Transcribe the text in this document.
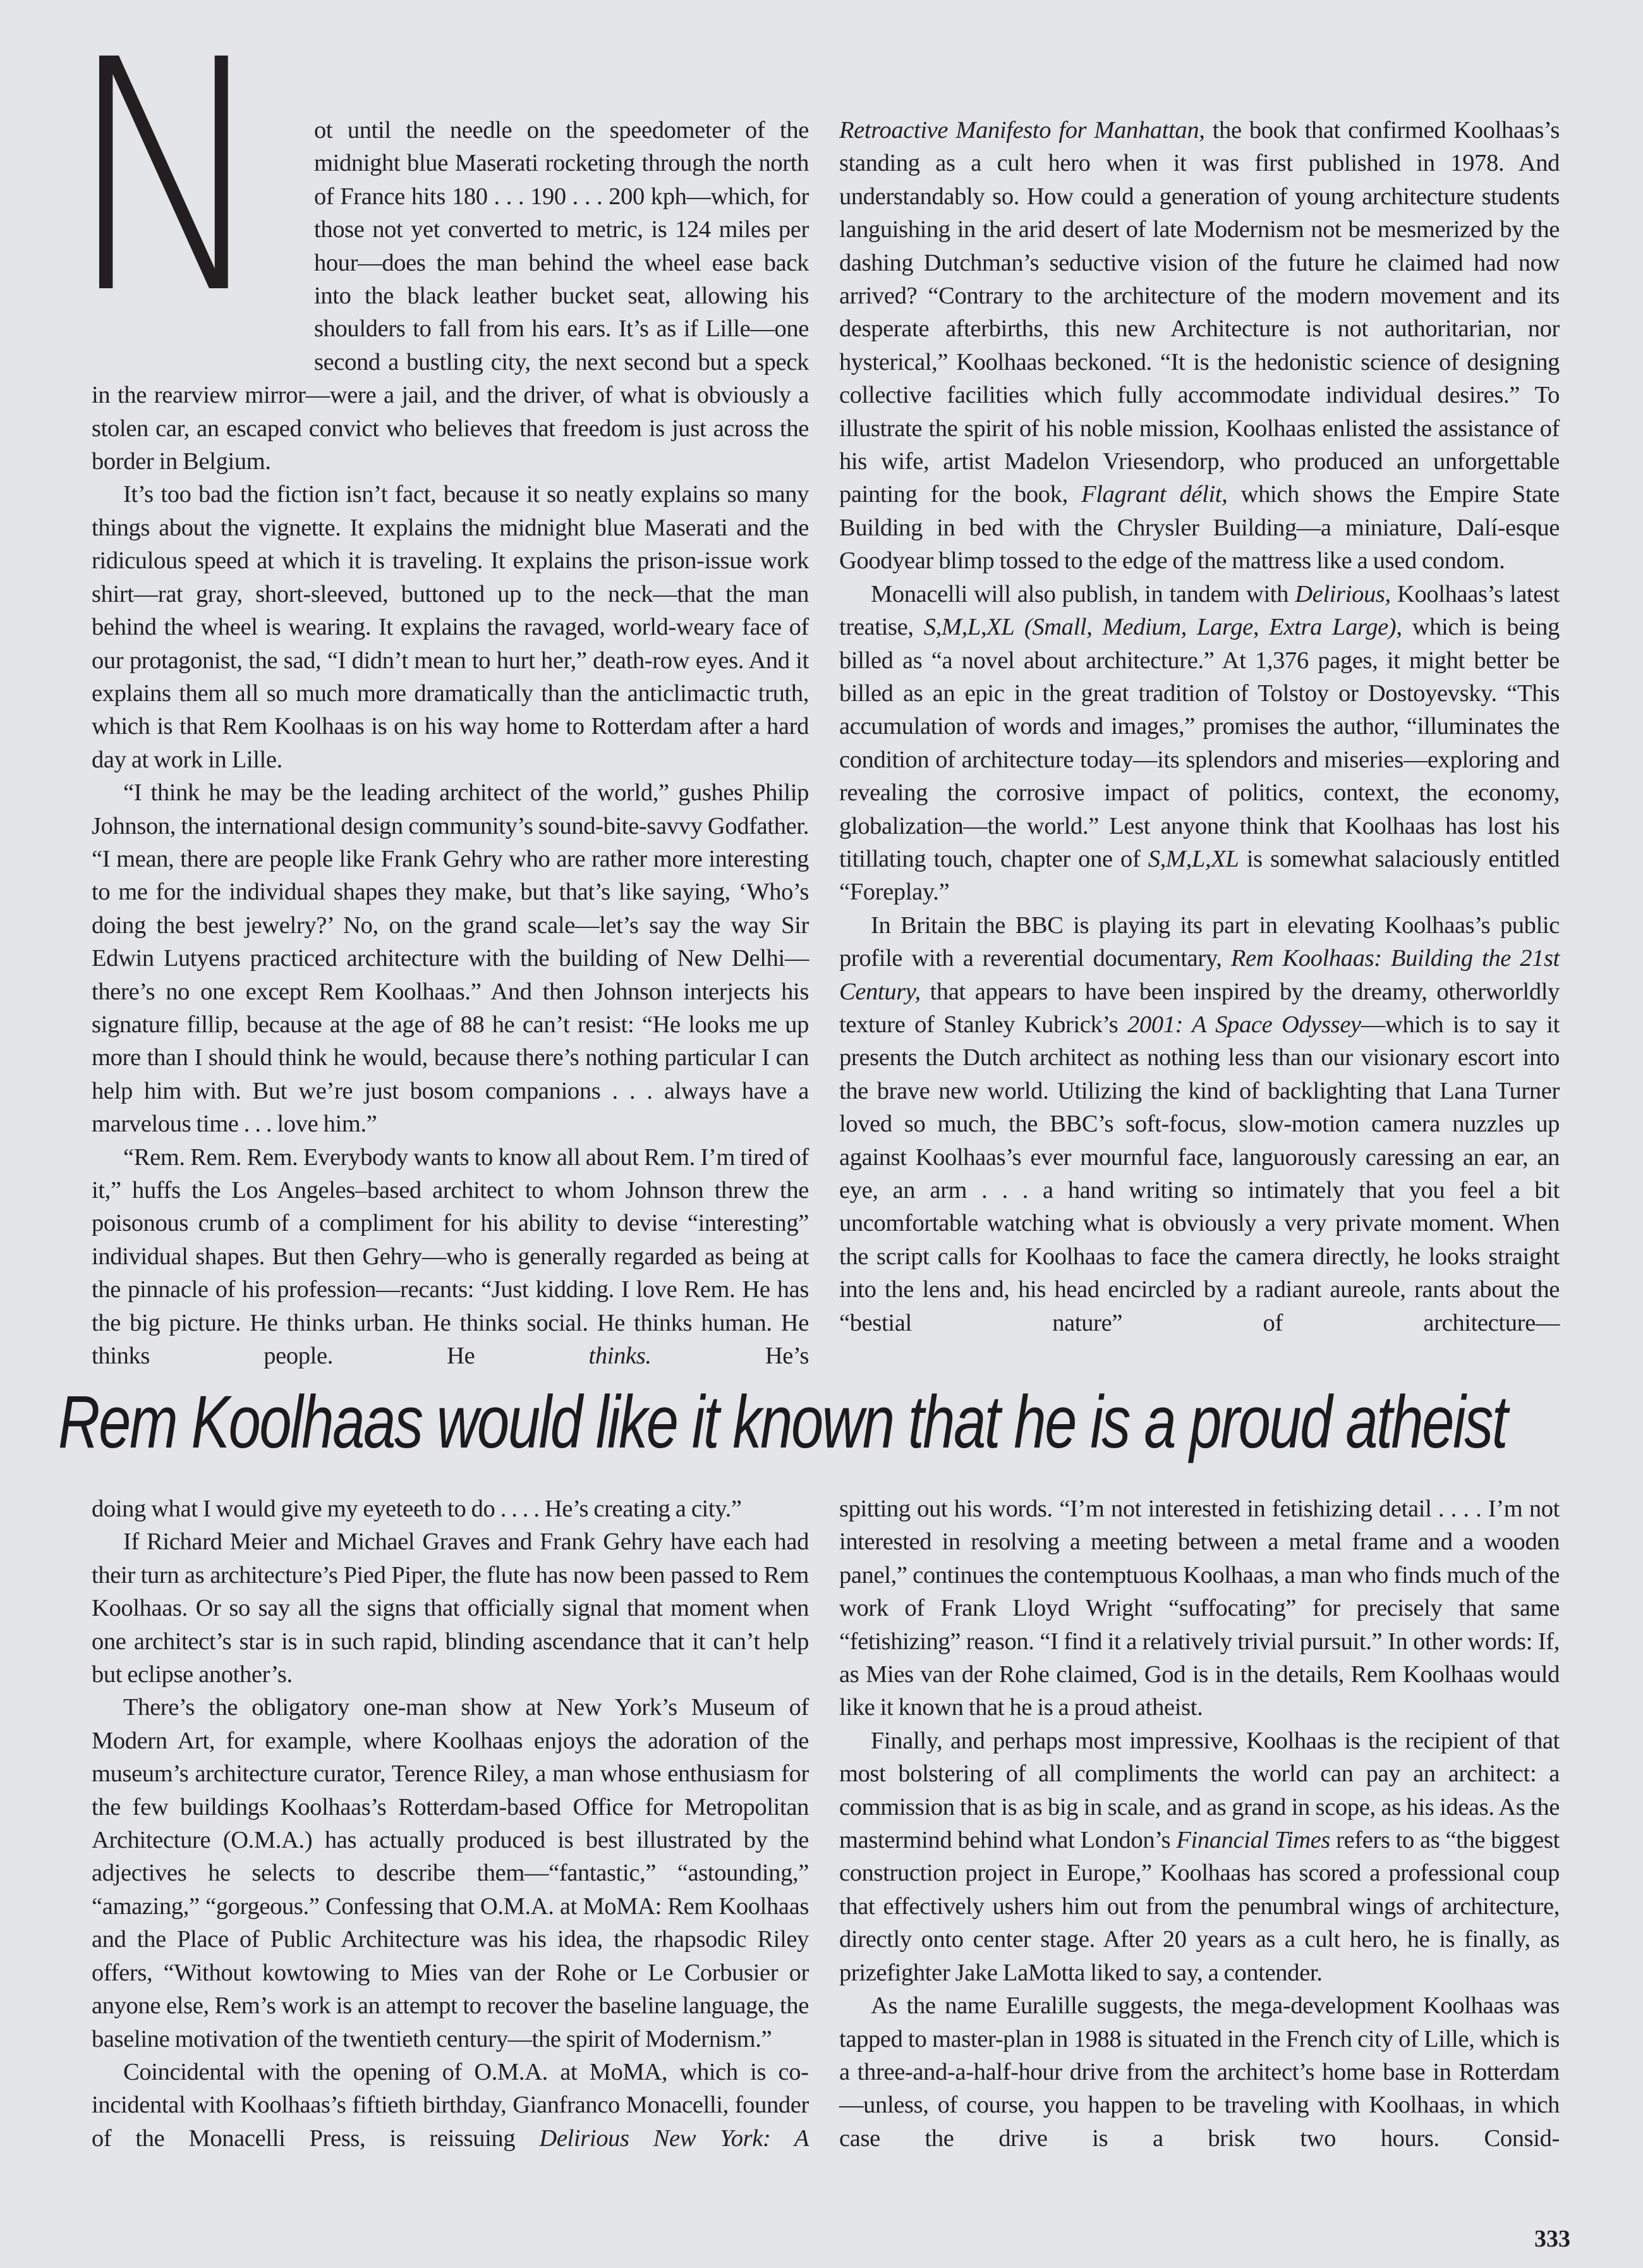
N	ot until the needle on the speedometer of the midnight blue Maserati rocketing through the north of France hits 180 . . . 190 . . . 200 kph—which, for those not yet converted to metric, is 124 miles per hour—does the man behind the wheel ease back into the black leather bucket seat, allowing his shoulders to fall from his ears. It’s as if Lille—one second a bustling city, the next second but a speck in the rearview mirror—were a jail, and the driver, of what is obviously a stolen car, an escaped convict who believes that freedom is just across the border in Belgium.

It’s too bad the fiction isn’t fact, because it so neatly explains so many things about the vignette. It explains the midnight blue Maserati and the ridiculous speed at which it is traveling. It explains the prison-issue work shirt—rat gray, short-sleeved, buttoned up to the neck—that the man behind the wheel is wearing. It explains the ravaged, world-weary face of our protagonist, the sad, “I didn’t mean to hurt her,” death-row eyes. And it explains them all so much more dramatically than the anticlimactic truth, which is that Rem Koolhaas is on his way home to Rotterdam after a hard day at work in Lille.

“I think he may be the leading architect of the world,” gushes Philip Johnson, the international design community’s sound-bite-savvy Godfather. “I mean, there are people like Frank Gehry who are rather more interesting to me for the individual shapes they make, but that’s like saying, ‘Who’s doing the best jewelry?’ No, on the grand scale—let’s say the way Sir Edwin Lutyens practiced architecture with the building of New Delhi—there’s no one except Rem Koolhaas.” And then Johnson interjects his signature fillip, because at the age of 88 he can’t resist: “He looks me up more than I should think he would, because there’s nothing particular I can help him with. But we’re just bosom companions . . . always have a marvelous time . . . love him.”

“Rem. Rem. Rem. Everybody wants to know all about Rem. I’m tired of it,” huffs the Los Angeles–based architect to whom Johnson threw the poisonous crumb of a compliment for his ability to devise “interesting” individual shapes. But then Gehry—who is generally regarded as being at the pinnacle of his profession—recants: “Just kidding. I love Rem. He has the big picture. He thinks urban. He thinks social. He thinks human. He thinks people. He thinks. He’s

Retroactive Manifesto for Manhattan, the book that confirmed Koolhaas’s standing as a cult hero when it was first published in 1978. And understandably so. How could a generation of young architecture students languishing in the arid desert of late Modernism not be mesmerized by the dashing Dutchman’s seductive vision of the future he claimed had now arrived? “Contrary to the architecture of the modern movement and its desperate afterbirths, this new Architecture is not authoritarian, nor hysterical,” Koolhaas beckoned. “It is the hedonistic science of designing collective facilities which fully accommodate individual desires.” To illustrate the spirit of his noble mission, Koolhaas enlisted the assistance of his wife, artist Madelon Vriesendorp, who produced an unforgettable painting for the book, Flagrant délit, which shows the Empire State Building in bed with the Chrysler Building—a miniature, Dalí-esque Goodyear blimp tossed to the edge of the mattress like a used condom.

Monacelli will also publish, in tandem with Delirious, Koolhaas’s latest treatise, S,M,L,XL (Small, Medium, Large, Extra Large), which is being billed as “a novel about architecture.” At 1,376 pages, it might better be billed as an epic in the great tradition of Tolstoy or Dostoyevsky. “This accumulation of words and images,” promises the author, “illuminates the condition of architecture today—its splendors and miseries—exploring and revealing the corrosive impact of politics, context, the economy, globalization—the world.” Lest anyone think that Koolhaas has lost his titillating touch, chapter one of S,M,L,XL is somewhat salaciously entitled “Foreplay.”

In Britain the BBC is playing its part in elevating Koolhaas’s public profile with a reverential documentary, Rem Koolhaas: Building the 21st Century, that appears to have been inspired by the dreamy, otherworldly texture of Stanley Kubrick’s 2001: A Space Odyssey—which is to say it presents the Dutch architect as nothing less than our visionary escort into the brave new world. Utilizing the kind of backlighting that Lana Turner loved so much, the BBC’s soft-focus, slow-motion camera nuzzles up against Koolhaas’s ever mournful face, languorously caressing an ear, an eye, an arm . . . a hand writing so intimately that you feel a bit uncomfortable watching what is obviously a very private moment. When the script calls for Koolhaas to face the camera directly, he looks straight into the lens and, his head encircled by a radiant aureole, rants about the “bestial nature” of architecture—

Rem Koolhaas would like it known that he is a proud atheist

doing what I would give my eyeteeth to do . . . . He’s creating a city.”

If Richard Meier and Michael Graves and Frank Gehry have each had their turn as architecture’s Pied Piper, the flute has now been passed to Rem Koolhaas. Or so say all the signs that officially signal that moment when one architect’s star is in such rapid, blinding ascendance that it can’t help but eclipse another’s.

There’s the obligatory one-man show at New York’s Museum of Modern Art, for example, where Koolhaas enjoys the adoration of the museum’s architecture curator, Terence Riley, a man whose enthusiasm for the few buildings Koolhaas’s Rotterdam-based Office for Metropolitan Architecture (O.M.A.) has actually produced is best illustrated by the adjectives he selects to describe them—“fantastic,” “astounding,” “amazing,” “gorgeous.” Confessing that O.M.A. at MoMA: Rem Koolhaas and the Place of Public Architecture was his idea, the rhapsodic Riley offers, “Without kowtowing to Mies van der Rohe or Le Corbusier or anyone else, Rem’s work is an attempt to recover the baseline language, the baseline motivation of the twentieth century—the spirit of Modernism.”

Coincidental with the opening of O.M.A. at MoMA, which is coincidental with Koolhaas’s fiftieth birthday, Gianfranco Monacelli, founder of the Monacelli Press, is reissuing Delirious New York: A

spitting out his words. “I’m not interested in fetishizing detail . . . . I’m not interested in resolving a meeting between a metal frame and a wooden panel,” continues the contemptuous Koolhaas, a man who finds much of the work of Frank Lloyd Wright “suffocating” for precisely that same “fetishizing” reason. “I find it a relatively trivial pursuit.” In other words: If, as Mies van der Rohe claimed, God is in the details, Rem Koolhaas would like it known that he is a proud atheist.

Finally, and perhaps most impressive, Koolhaas is the recipient of that most bolstering of all compliments the world can pay an architect: a commission that is as big in scale, and as grand in scope, as his ideas. As the mastermind behind what London’s Financial Times refers to as “the biggest construction project in Europe,” Koolhaas has scored a professional coup that effectively ushers him out from the penumbral wings of architecture, directly onto center stage. After 20 years as a cult hero, he is finally, as prizefighter Jake LaMotta liked to say, a contender.

As the name Euralille suggests, the mega-development Koolhaas was tapped to master-plan in 1988 is situated in the French city of Lille, which is a three-and-a-half-hour drive from the architect’s home base in Rotterdam—unless, of course, you happen to be traveling with Koolhaas, in which case the drive is a brisk two hours. Consid-

333
